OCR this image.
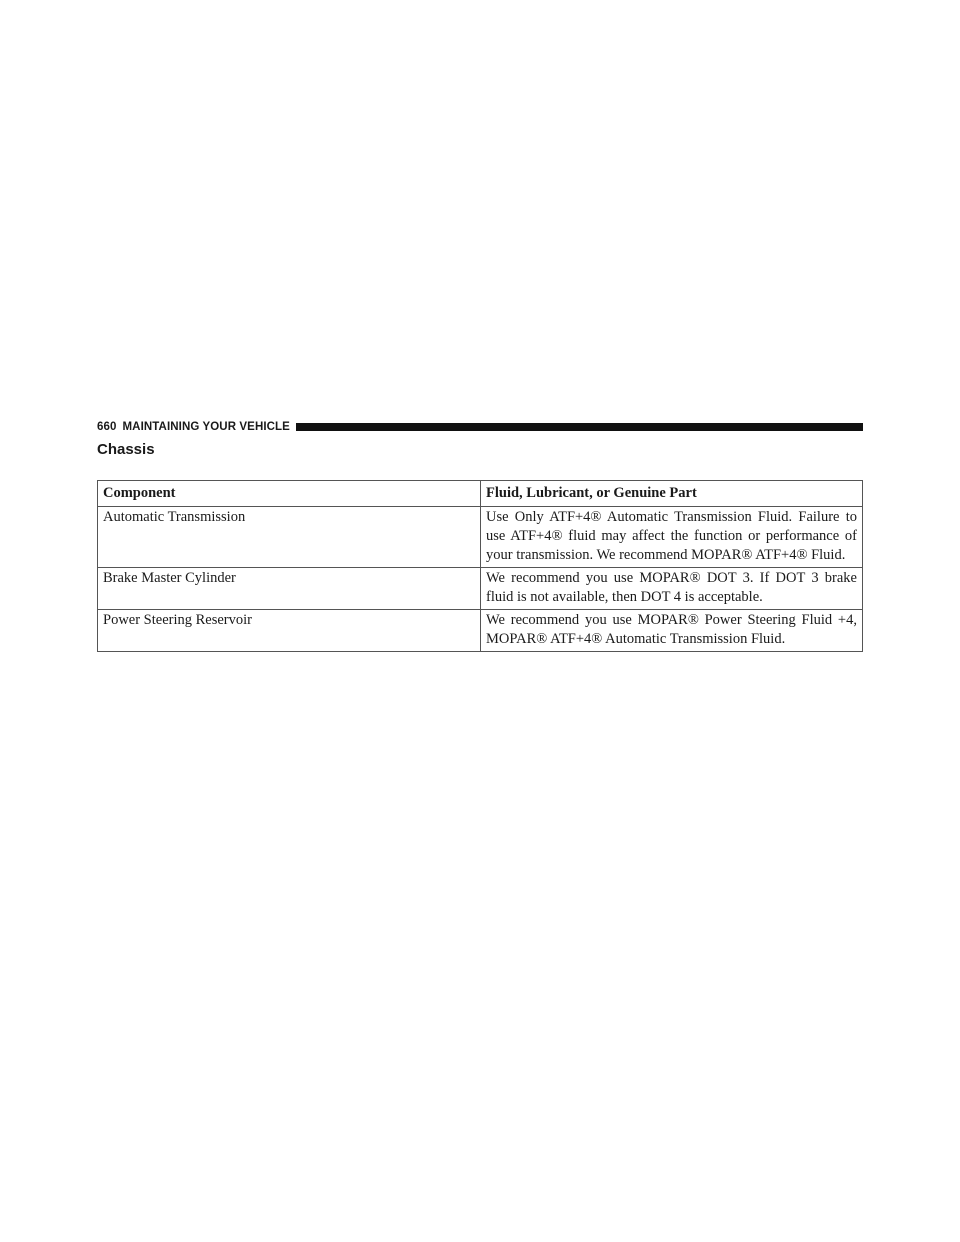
660 MAINTAINING YOUR VEHICLE
Chassis
Component	Fluid, Lubricant, or Genuine Part
Automatic Transmission	Use Only ATF+4® Automatic Transmission Fluid. Failure to use ATF+4® fluid may affect the function or performance of your transmission. We recommend MOPAR® ATF+4® Fluid.
Brake Master Cylinder	We recommend you use MOPAR® DOT 3. If DOT 3 brake fluid is not available, then DOT 4 is acceptable.
Power Steering Reservoir	We recommend you use MOPAR® Power Steering Fluid +4, MOPAR® ATF+4® Automatic Transmission Fluid.
